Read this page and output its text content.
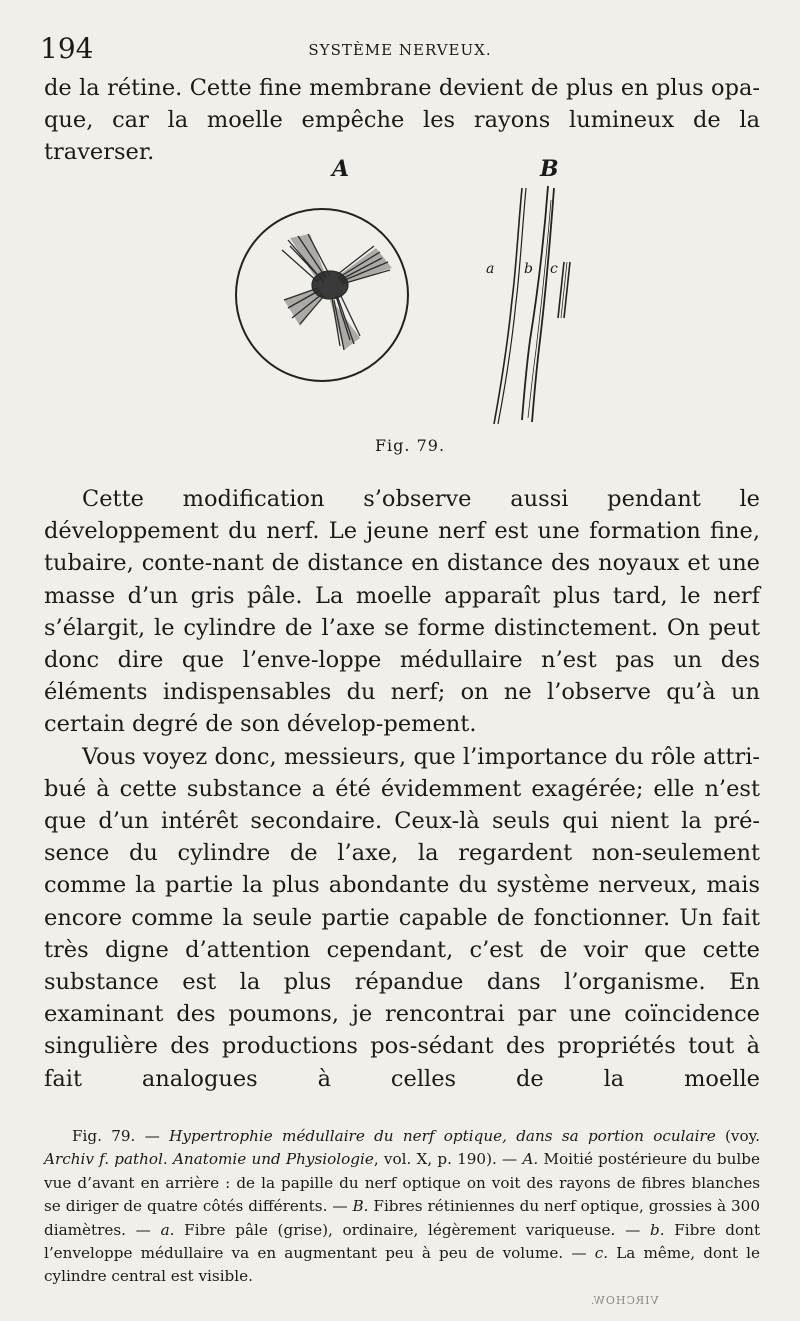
194	SYSTÈME NERVEUX.

de la rétine. Cette fine membrane devient de plus en plus opa-

que, car la moelle empêche les rayons lumineux de la traverser.

A	B
a b c
Fig. 79.

Cette modification s’observe aussi pendant le développement du nerf. Le jeune nerf est une formation fine, tubaire, conte-nant de distance en distance des noyaux et une masse d’un gris pâle. La moelle apparaît plus tard, le nerf s’élargit, le cylindre de l’axe se forme distinctement. On peut donc dire que l’enve-loppe médullaire n’est pas un des éléments indispensables du nerf; on ne l’observe qu’à un certain degré de son dévelop-pement.

Vous voyez donc, messieurs, que l’importance du rôle attri-bué à cette substance a été évidemment exagérée; elle n’est que d’un intérêt secondaire. Ceux-là seuls qui nient la pré-sence du cylindre de l’axe, la regardent non-seulement comme la partie la plus abondante du système nerveux, mais encore comme la seule partie capable de fonctionner. Un fait très digne d’attention cependant, c’est de voir que cette substance est la plus répandue dans l’organisme. En examinant des poumons, je rencontrai par une coïncidence singulière des productions pos-sédant des propriétés tout à fait analogues à celles de la moelle

Fig. 79. — Hypertrophie médullaire du nerf optique, dans sa portion oculaire (voy. Archiv f. pathol. Anatomie und Physiologie, vol. X, p. 190). — A. Moitié postérieure du bulbe vue d’avant en arrière : de la papille du nerf optique on voit des rayons de fibres blanches se diriger de quatre côtés différents. — B. Fibres rétiniennes du nerf optique, grossies à 300 diamètres. — a. Fibre pâle (grise), ordinaire, légèrement variqueuse. — b. Fibre dont l’enveloppe médullaire va en augmentant peu à peu de volume. — c. La même, dont le cylindre central est visible.

VIRCHOW.
